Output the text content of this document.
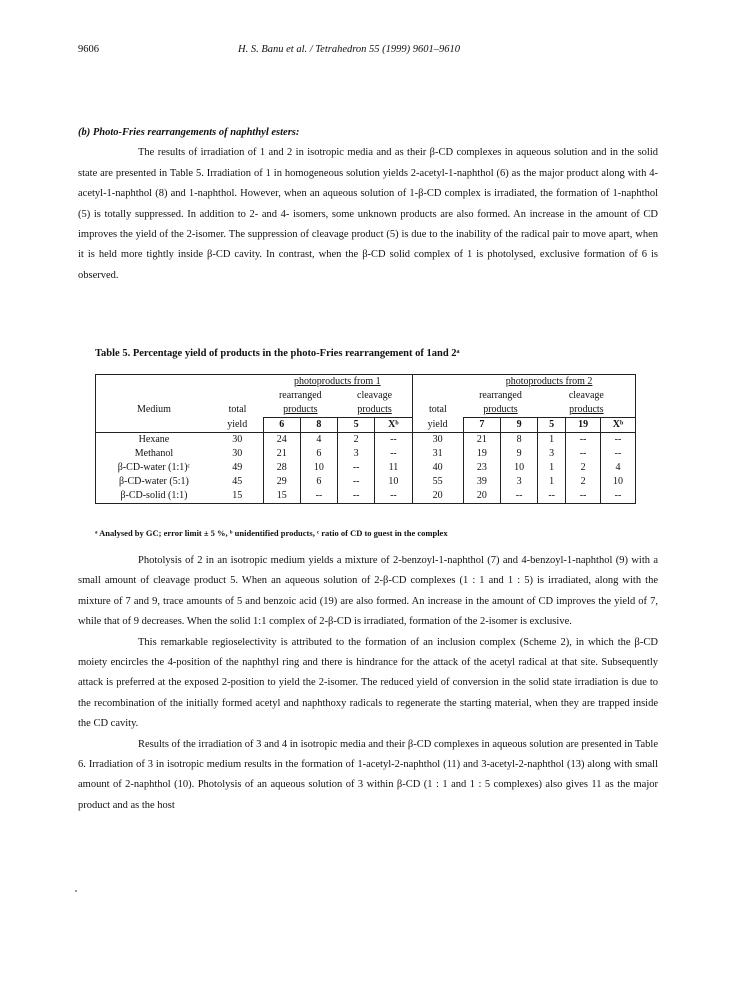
9606	H. S. Banu et al. / Tetrahedron 55 (1999) 9601–9610

(b) Photo-Fries rearrangements of naphthyl esters:

The results of irradiation of 1 and 2 in isotropic media and as their β-CD complexes in aqueous solution and in the solid state are presented in Table 5. Irradiation of 1 in homogeneous solution yields 2-acetyl-1-naphthol (6) as the major product along with 4-acetyl-1-naphthol (8) and 1-naphthol. However, when an aqueous solution of 1-β-CD complex is irradiated, the formation of 1-naphthol (5) is totally suppressed. In addition to 2- and 4- isomers, some unknown products are also formed. An increase in the amount of CD improves the yield of the 2-isomer. The suppression of cleavage product (5) is due to the inability of the radical pair to move apart, when it is held more tightly inside β-CD cavity. In contrast, when the β-CD solid complex of 1 is photolysed, exclusive formation of 6 is observed.

Table 5. Percentage yield of products in the photo-Fries rearrangement of 1and 2ᵃ
		photoproducts from 1					photoproducts from 2				
		rearranged		cleavage			rearranged		cleavage		
Medium	total	products		products		total	products		products		
	yield	6	8	5	Xᵇ	yield	7	9	5	19	Xᵇ
Hexane	30	24	4	2	--	30	21	8	1	--	--
Methanol	30	21	6	3	--	31	19	9	3	--	--
β-CD-water (1:1)ᶜ	49	28	10	--	11	40	23	10	1	2	4
β-CD-water (5:1)	45	29	6	--	10	55	39	3	1	2	10
β-CD-solid (1:1)	15	15	--	--	--	20	20	--	--	--	--
ᵃ Analysed by GC; error limit ± 5 %, ᵇ unidentified products, ᶜ ratio of CD to guest in the complex

Photolysis of 2 in an isotropic medium yields a mixture of 2-benzoyl-1-naphthol (7) and 4-benzoyl-1-naphthol (9) with a small amount of cleavage product 5. When an aqueous solution of 2-β-CD complexes (1 : 1 and 1 : 5) is irradiated, along with the mixture of 7 and 9, trace amounts of 5 and benzoic acid (19) are also formed. An increase in the amount of CD improves the yield of 7, while that of 9 decreases. When the solid 1:1 complex of 2-β-CD is irradiated, formation of the 2-isomer is exclusive.

This remarkable regioselectivity is attributed to the formation of an inclusion complex (Scheme 2), in which the β-CD moiety encircles the 4-position of the naphthyl ring and there is hindrance for the attack of the acetyl radical at that site. Subsequently attack is preferred at the exposed 2-position to yield the 2-isomer. The reduced yield of conversion in the solid state irradiation is due to the recombination of the initially formed acetyl and naphthoxy radicals to regenerate the starting material, when they are trapped inside the CD cavity.

Results of the irradiation of 3 and 4 in isotropic media and their β-CD complexes in aqueous solution are presented in Table 6. Irradiation of 3 in isotropic medium results in the formation of 1-acetyl-2-naphthol (11) and 3-acetyl-2-naphthol (13) along with small amount of 2-naphthol (10). Photolysis of an aqueous solution of 3 within β-CD (1 : 1 and 1 : 5 complexes) also gives 11 as the major product and as the host
